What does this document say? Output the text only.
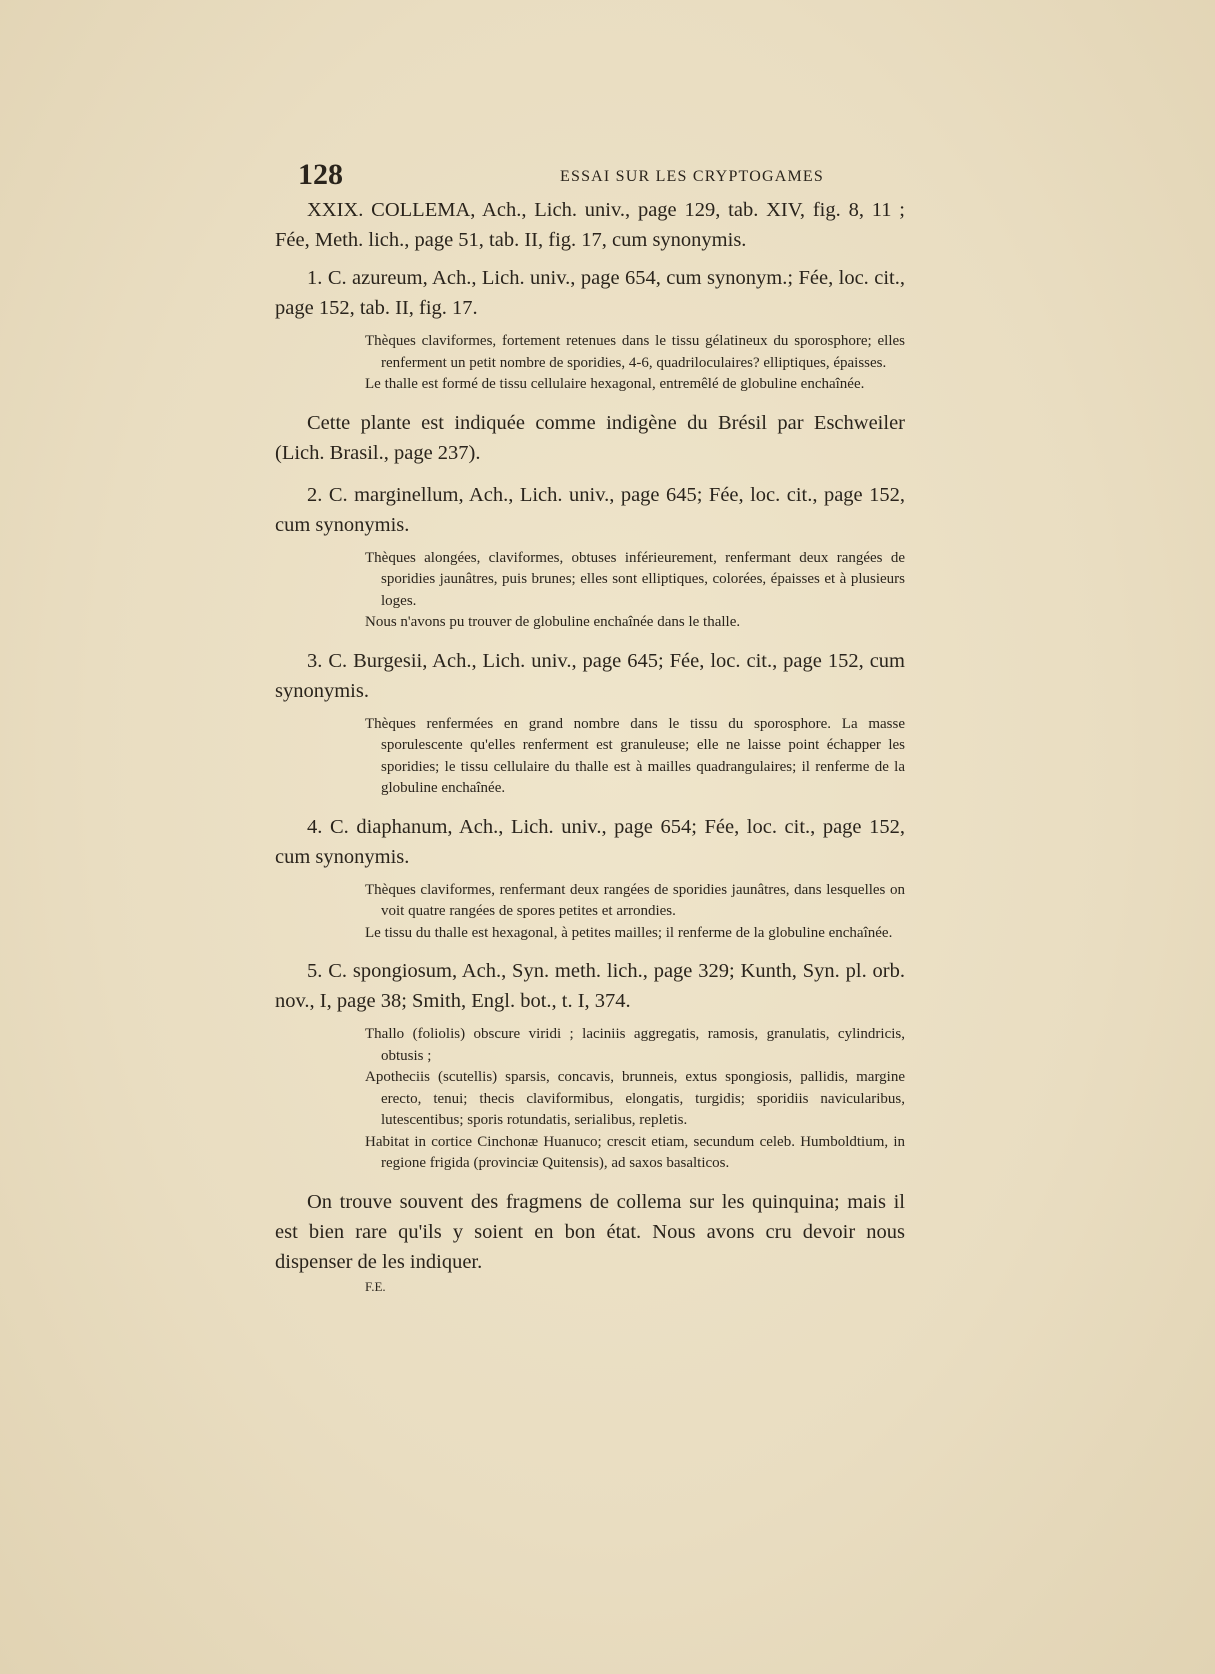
128	ESSAI SUR LES CRYPTOGAMES

XXIX. COLLEMA, Ach., Lich. univ., page 129, tab. XIV, fig. 8, 11 ; Fée, Meth. lich., page 51, tab. II, fig. 17, cum synonymis.

1. C. azureum, Ach., Lich. univ., page 654, cum synonym.; Fée, loc. cit., page 152, tab. II, fig. 17.

Thèques claviformes, fortement retenues dans le tissu gélatineux du sporosphore; elles renferment un petit nombre de sporidies, 4-6, quadriloculaires? elliptiques, épaisses.

Le thalle est formé de tissu cellulaire hexagonal, entremêlé de globuline enchaînée.

Cette plante est indiquée comme indigène du Brésil par Eschweiler (Lich. Brasil., page 237).

2. C. marginellum, Ach., Lich. univ., page 645; Fée, loc. cit., page 152, cum synonymis.

Thèques alongées, claviformes, obtuses inférieurement, renfermant deux rangées de sporidies jaunâtres, puis brunes; elles sont elliptiques, colorées, épaisses et à plusieurs loges.

Nous n'avons pu trouver de globuline enchaînée dans le thalle.

3. C. Burgesii, Ach., Lich. univ., page 645; Fée, loc. cit., page 152, cum synonymis.

Thèques renfermées en grand nombre dans le tissu du sporosphore. La masse sporulescente qu'elles renferment est granuleuse; elle ne laisse point échapper les sporidies; le tissu cellulaire du thalle est à mailles quadrangulaires; il renferme de la globuline enchaînée.

4. C. diaphanum, Ach., Lich. univ., page 654; Fée, loc. cit., page 152, cum synonymis.

Thèques claviformes, renfermant deux rangées de sporidies jaunâtres, dans lesquelles on voit quatre rangées de spores petites et arrondies.

Le tissu du thalle est hexagonal, à petites mailles; il renferme de la globuline enchaînée.

5. C. spongiosum, Ach., Syn. meth. lich., page 329; Kunth, Syn. pl. orb. nov., I, page 38; Smith, Engl. bot., t. I, 374.

Thallo (foliolis) obscure viridi ; laciniis aggregatis, ramosis, granulatis, cylindricis, obtusis ;

Apotheciis (scutellis) sparsis, concavis, brunneis, extus spongiosis, pallidis, margine erecto, tenui; thecis claviformibus, elongatis, turgidis; sporidiis navicularibus, lutescentibus; sporis rotundatis, serialibus, repletis.

Habitat in cortice Cinchonæ Huanuco; crescit etiam, secundum celeb. Humboldtium, in regione frigida (provinciæ Quitensis), ad saxos basalticos.

On trouve souvent des fragmens de collema sur les quinquina; mais il est bien rare qu'ils y soient en bon état. Nous avons cru devoir nous dispenser de les indiquer.

F.E.
